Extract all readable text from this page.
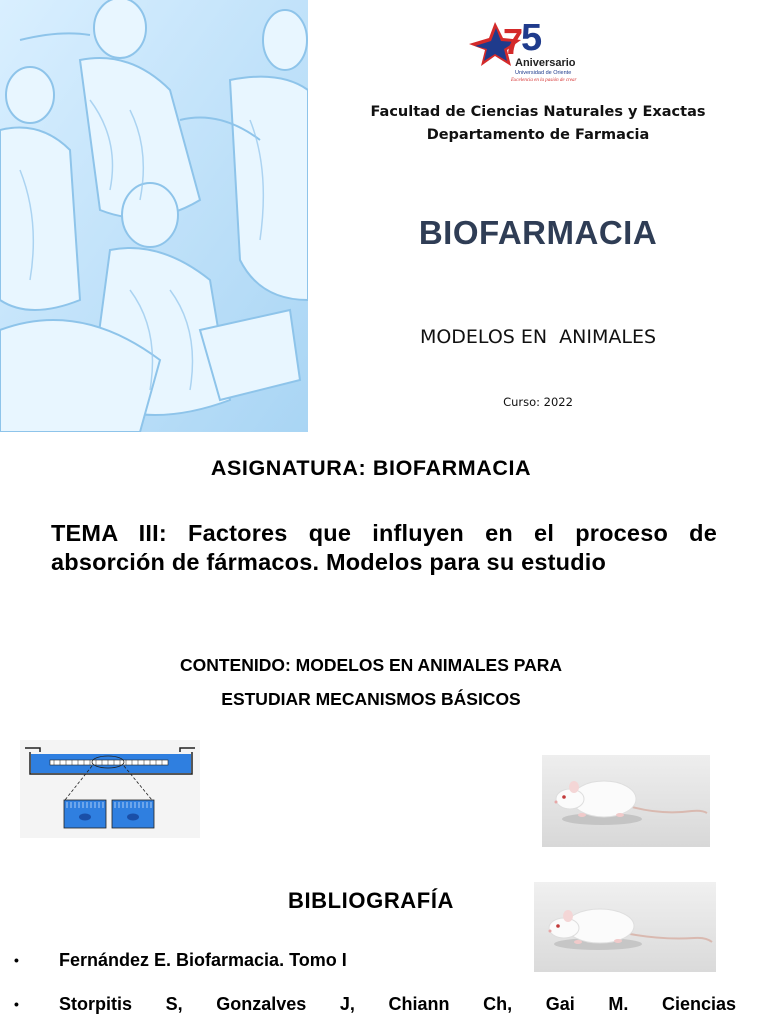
7
5
Aniversario
Universidad de Oriente
Excelencia en la pasión de crear
Facultad de Ciencias Naturales y Exactas
Departamento de Farmacia
BIOFARMACIA
MODELOS EN  ANIMALES
Curso: 2022
ASIGNATURA: BIOFARMACIA
TEMA III: Factores que influyen en el proceso de absorción de fármacos. Modelos para su estudio
CONTENIDO: MODELOS EN ANIMALES PARA
ESTUDIAR MECANISMOS BÁSICOS
BIBLIOGRAFÍA
• Fernández E. Biofarmacia. Tomo I
• Storpitis S, Gonzalves J, Chiann Ch, Gai M. Ciencias
